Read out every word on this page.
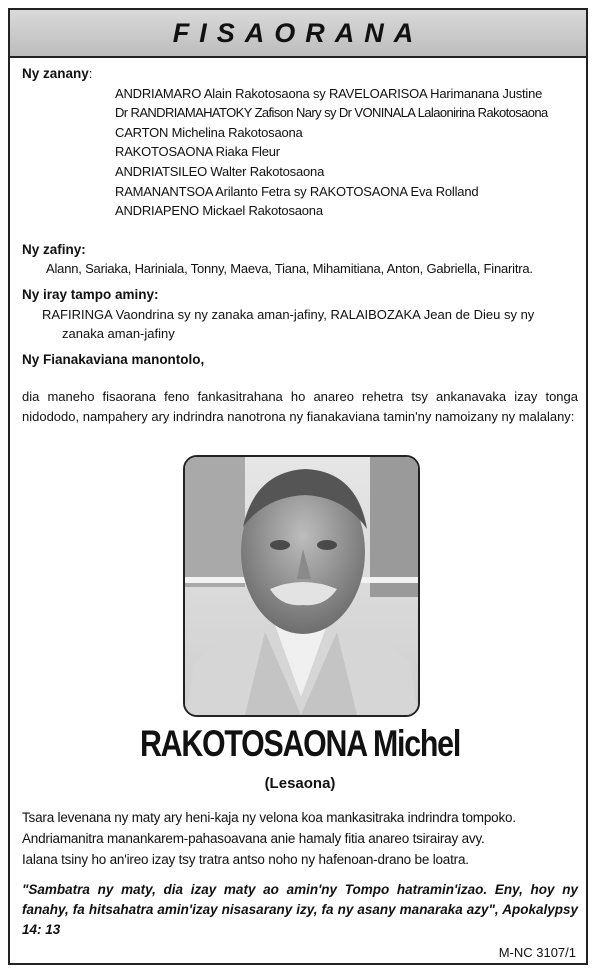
FISAORANA
Ny zanany:
ANDRIAMARO Alain Rakotosaona sy RAVELOARISOA Harimanana Justine
Dr RANDRIAMAHATOKY Zafison Nary sy Dr VONINALA Lalaonirina Rakotosaona
CARTON Michelina Rakotosaona
RAKOTOSAONA Riaka Fleur
ANDRIATSILEO Walter Rakotosaona
RAMANANTSOA Arilanto Fetra sy RAKOTOSAONA Eva Rolland
ANDRIAPENO Mickael Rakotosaona
Ny zafiny:
Alann, Sariaka, Hariniala, Tonny, Maeva, Tiana, Mihamitiana, Anton, Gabriella, Finaritra.
Ny iray tampo aminy:
RAFIRINGA Vaondrina sy ny zanaka aman-jafiny, RALAIBOZAKA Jean de Dieu sy ny
zanaka aman-jafiny
Ny Fianakaviana manontolo,
dia maneho fisaorana feno fankasitrahana ho anareo rehetra tsy ankanavaka izay tonga nidododo, nampahery ary indrindra nanotrona ny fianakaviana tamin'ny namoizany ny malalany:
RAKOTOSAONA Michel
(Lesaona)
Tsara levenana ny maty ary heni-kaja ny velona koa mankasitraka indrindra tompoko.
Andriamanitra manankarem-pahasoavana anie hamaly fitia anareo tsirairay avy.
Ialana tsiny ho an'ireo izay tsy tratra antso noho ny hafenoan-drano be loatra.
"Sambatra ny maty, dia izay maty ao amin'ny Tompo hatramin'izao. Eny, hoy ny fanahy, fa hitsahatra amin'izay nisasarany izy, fa ny asany manaraka azy", Apokalypsy 14: 13
M-NC 3107/1
